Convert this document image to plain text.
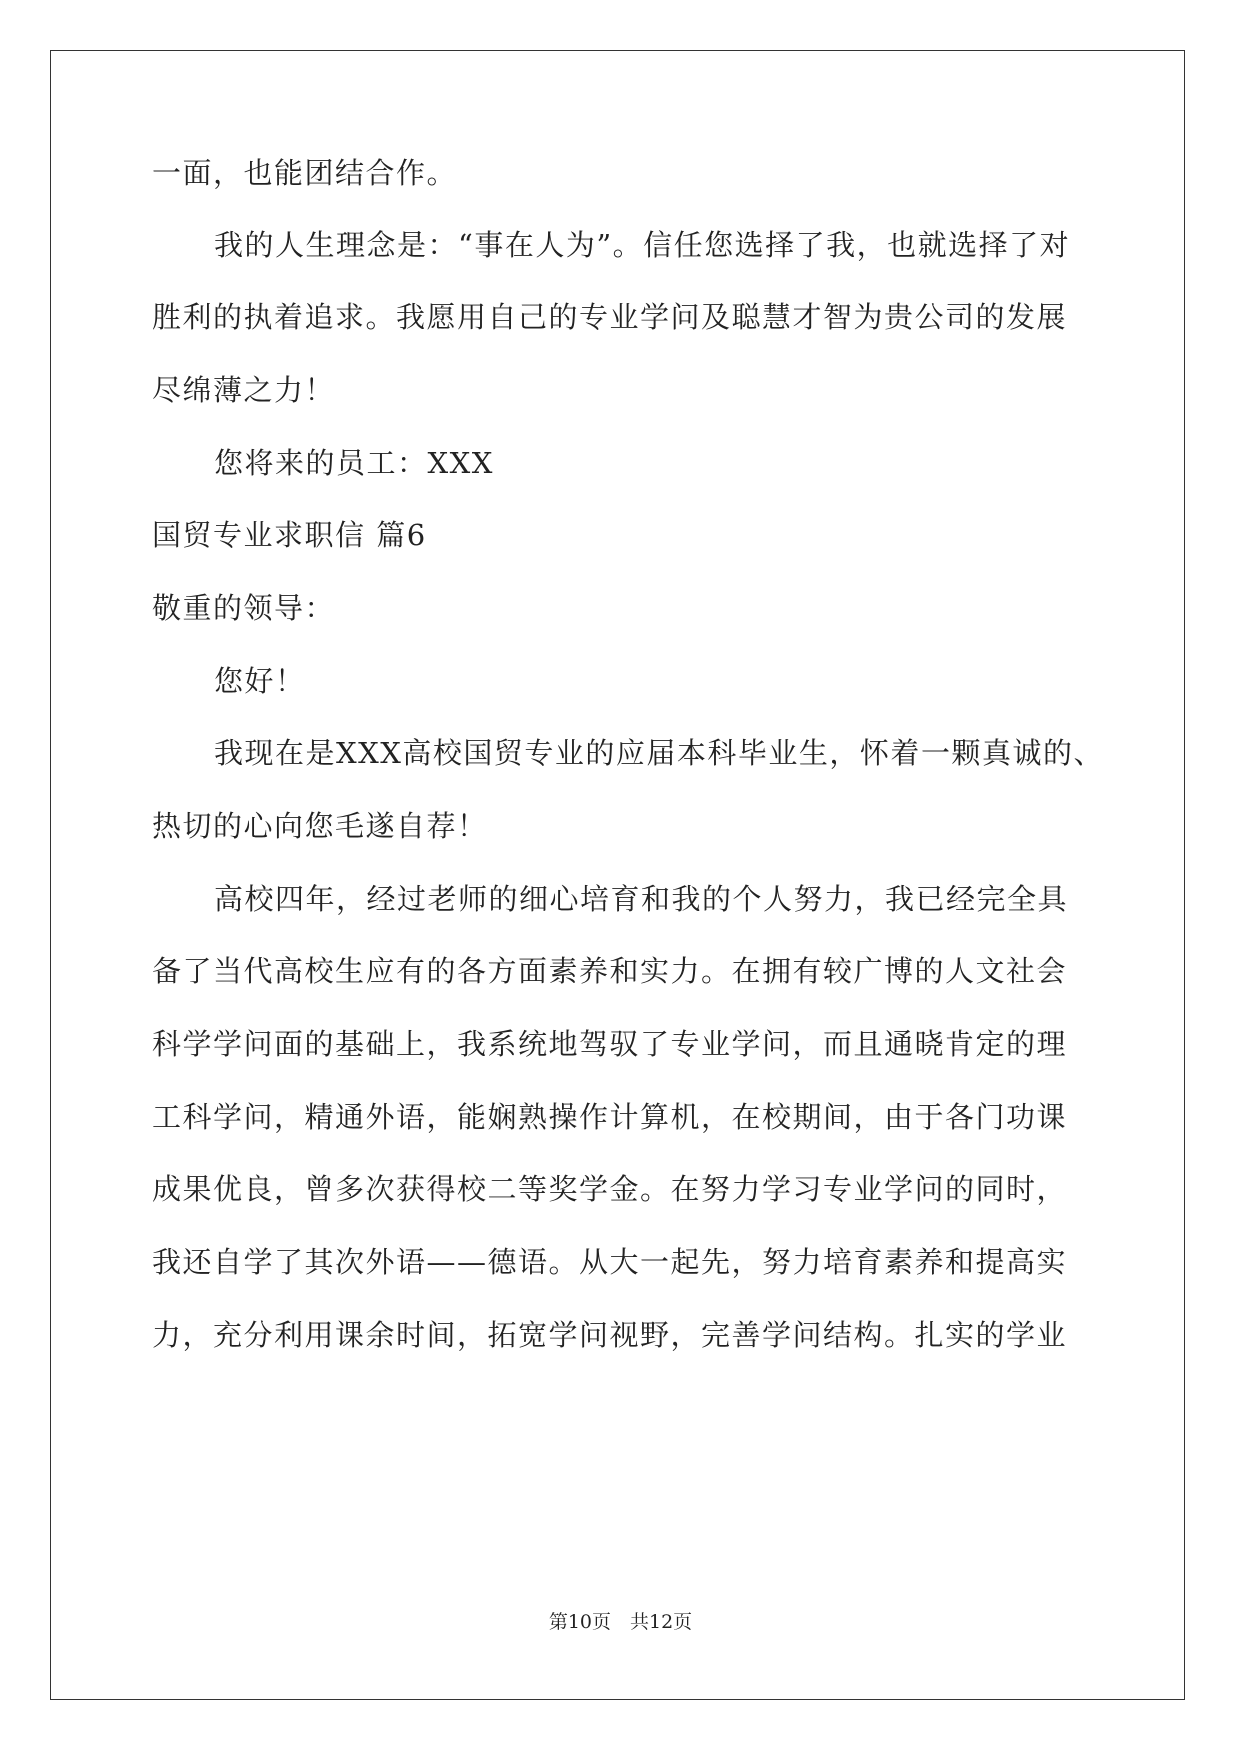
一面，也能团结合作。
我的人生理念是：“事在人为”。信任您选择了我，也就选择了对
胜利的执着追求。我愿用自己的专业学问及聪慧才智为贵公司的发展
尽绵薄之力！
您将来的员工：XXX
国贸专业求职信 篇6
敬重的领导：
您好！
我现在是XXX高校国贸专业的应届本科毕业生，怀着一颗真诚的、
热切的心向您毛遂自荐！
高校四年，经过老师的细心培育和我的个人努力，我已经完全具
备了当代高校生应有的各方面素养和实力。在拥有较广博的人文社会
科学学问面的基础上，我系统地驾驭了专业学问，而且通晓肯定的理
工科学问，精通外语，能娴熟操作计算机，在校期间，由于各门功课
成果优良，曾多次获得校二等奖学金。在努力学习专业学问的同时，
我还自学了其次外语——德语。从大一起先，努力培育素养和提高实
力，充分利用课余时间，拓宽学问视野，完善学问结构。扎实的学业
第10页　共12页
